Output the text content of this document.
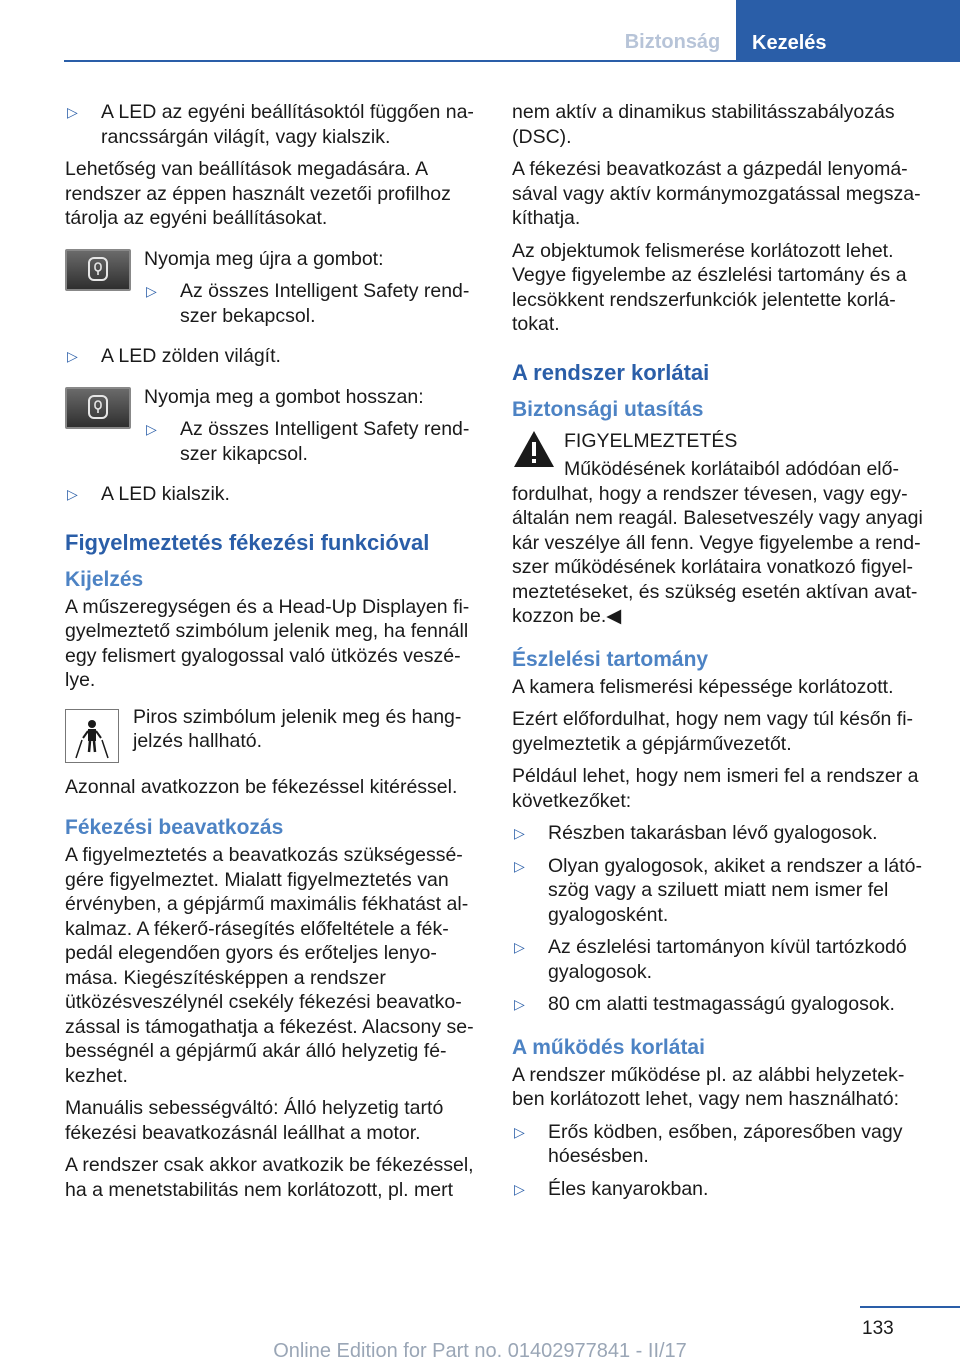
Biztonság	Kezelés
▷	A LED az egyéni beállításoktól függően na‐rancssárgán világít, vagy kialszik.

Lehetőség van beállítások megadására. A rendszer az éppen használt vezetői profilhoz tárolja az egyéni beállításokat.

Nyomja meg újra a gombot:

▷	Az összes Intelligent Safety rend‐szer bekapcsol.
▷	A LED zölden világít.

Nyomja meg a gombot hosszan:

▷	Az összes Intelligent Safety rend‐szer kikapcsol.
▷	A LED kialszik.
Figyelmeztetés fékezési funkcióval
Kijelzés

A műszeregységen és a Head-Up Displayen fi‐gyelmeztető szimbólum jelenik meg, ha fennáll egy felismert gyalogossal való ütközés veszé‐lye.

Piros szimbólum jelenik meg és hang‐jelzés hallható.

Azonnal avatkozzon be fékezéssel kitéréssel.

Fékezési beavatkozás

A figyelmeztetés a beavatkozás szükségessé‐gére figyelmeztet. Mialatt figyelmeztetés van érvényben, a gépjármű maximális fékhatást al‐kalmaz. A fékerő-rásegítés előfeltétele a fék‐pedál elegendően gyors és erőteljes lenyo‐mása. Kiegészítésképpen a rendszer ütközésveszélynél csekély fékezési beavatko‐zással is támogathatja a fékezést. Alacsony se‐bességnél a gépjármű akár álló helyzetig fé‐kezhet.

Manuális sebességváltó: Álló helyzetig tartó fékezési beavatkozásnál leállhat a motor.

A rendszer csak akkor avatkozik be fékezéssel, ha a menetstabilitás nem korlátozott, pl. mert

nem aktív a dinamikus stabilitásszabályozás (DSC).

A fékezési beavatkozást a gázpedál lenyomá‐sával vagy aktív kormánymozgatással megsza‐kíthatja.

Az objektumok felismerése korlátozott lehet. Vegye figyelembe az észlelési tartomány és a lecsökkent rendszerfunkciók jelentette korlá‐tokat.

A rendszer korlátai
Biztonsági utasítás

FIGYELMEZTETÉS

Működésének korlátaiból adódóan elő‐

fordulhat, hogy a rendszer tévesen, vagy egy‐általán nem reagál. Balesetveszély vagy anyagi kár veszélye áll fenn. Vegye figyelembe a rend‐szer működésének korlátaira vonatkozó figyel‐meztetéseket, és szükség esetén aktívan avat‐kozzon be.◀

Észlelési tartomány

A kamera felismerési képessége korlátozott.

Ezért előfordulhat, hogy nem vagy túl későn fi‐gyelmeztetik a gépjárművezetőt.

Például lehet, hogy nem ismeri fel a rendszer a következőket:

▷	Részben takarásban lévő gyalogosok.
▷	Olyan gyalogosok, akiket a rendszer a látó‐szög vagy a sziluett miatt nem ismer fel gyalogosként.
▷	Az észlelési tartományon kívül tartózkodó gyalogosok.
▷	80 cm alatti testmagasságú gyalogosok.
A működés korlátai

A rendszer működése pl. az alábbi helyzetek‐ben korlátozott lehet, vagy nem használható:

▷	Erős ködben, esőben, záporesőben vagy hóesésben.
▷	Éles kanyarokban.
133
Online Edition for Part no. 01402977841 - II/17
